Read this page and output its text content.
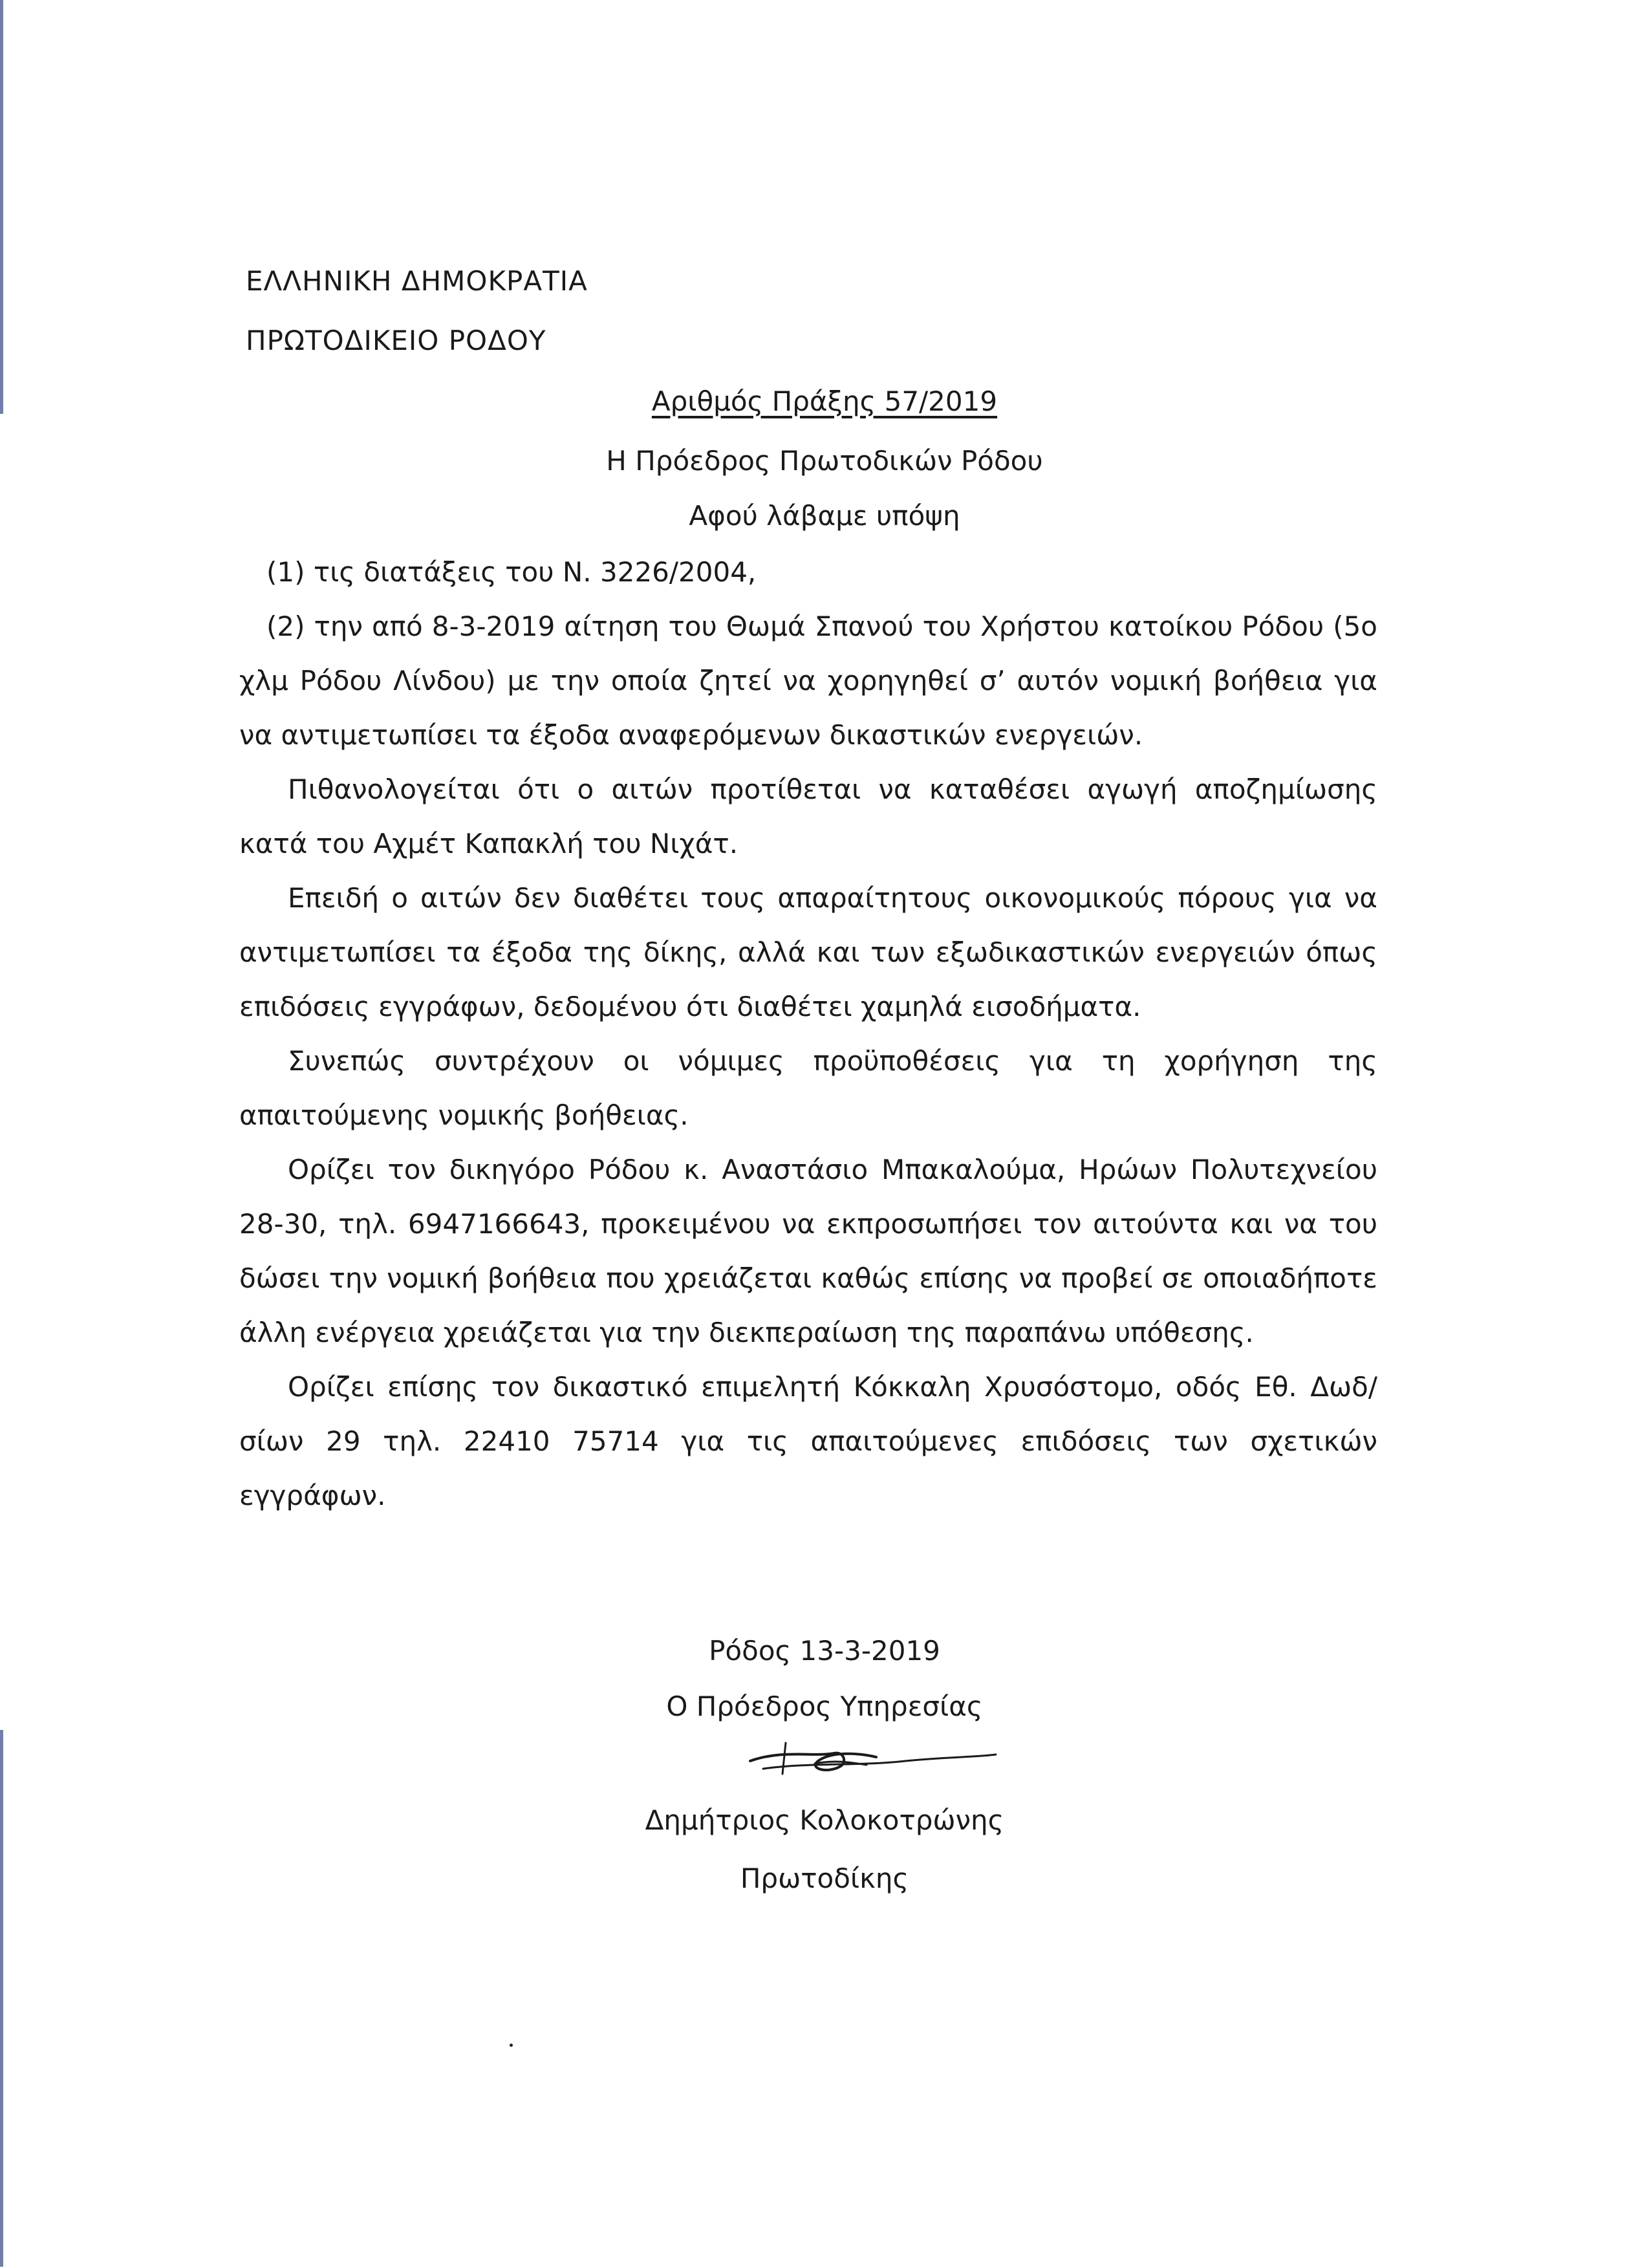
ΕΛΛΗΝΙΚΗ ΔΗΜΟΚΡΑΤΙΑ
ΠΡΩΤΟΔΙΚΕΙΟ ΡΟΔΟΥ
Αριθμός Πράξης 57/2019
Η Πρόεδρος Πρωτοδικών Ρόδου
Αφού λάβαμε υπόψη

(1) τις διατάξεις του Ν. 3226/2004,

(2) την από 8-3-2019 αίτηση του Θωμά Σπανού του Χρήστου κατοίκου Ρόδου (5ο χλμ Ρόδου Λίνδου) με την οποία ζητεί να χορηγηθεί σ’ αυτόν νομική βοήθεια για να αντιμετωπίσει τα έξοδα αναφερόμενων δικαστικών ενεργειών.

Πιθανολογείται ότι ο αιτών προτίθεται να καταθέσει αγωγή αποζημίωσης κατά του Αχμέτ Καπακλή του Νιχάτ.

Επειδή ο αιτών δεν διαθέτει τους απαραίτητους οικονομικούς πόρους για να αντιμετωπίσει τα έξοδα της δίκης, αλλά και των εξωδικαστικών ενεργειών όπως επιδόσεις εγγράφων, δεδομένου ότι διαθέτει χαμηλά εισοδήματα.

Συνεπώς συντρέχουν οι νόμιμες προϋποθέσεις για τη χορήγηση της απαιτούμενης νομικής βοήθειας.

Ορίζει τον δικηγόρο Ρόδου κ. Αναστάσιο Μπακαλούμα, Ηρώων Πολυτεχνείου 28-30, τηλ. 6947166643, προκειμένου να εκπροσωπήσει τον αιτούντα και να του δώσει την νομική βοήθεια που χρειάζεται καθώς επίσης να προβεί σε οποιαδήποτε άλλη ενέργεια χρειάζεται για την διεκπεραίωση της παραπάνω υπόθεσης.

Ορίζει επίσης τον δικαστικό επιμελητή Κόκκαλη Χρυσόστομο, οδός Εθ. Δωδ/σίων 29 τηλ. 22410 75714 για τις απαιτούμενες επιδόσεις των σχετικών εγγράφων.

Ρόδος 13-3-2019
Ο Πρόεδρος Υπηρεσίας
Δημήτριος Κολοκοτρώνης
Πρωτοδίκης
